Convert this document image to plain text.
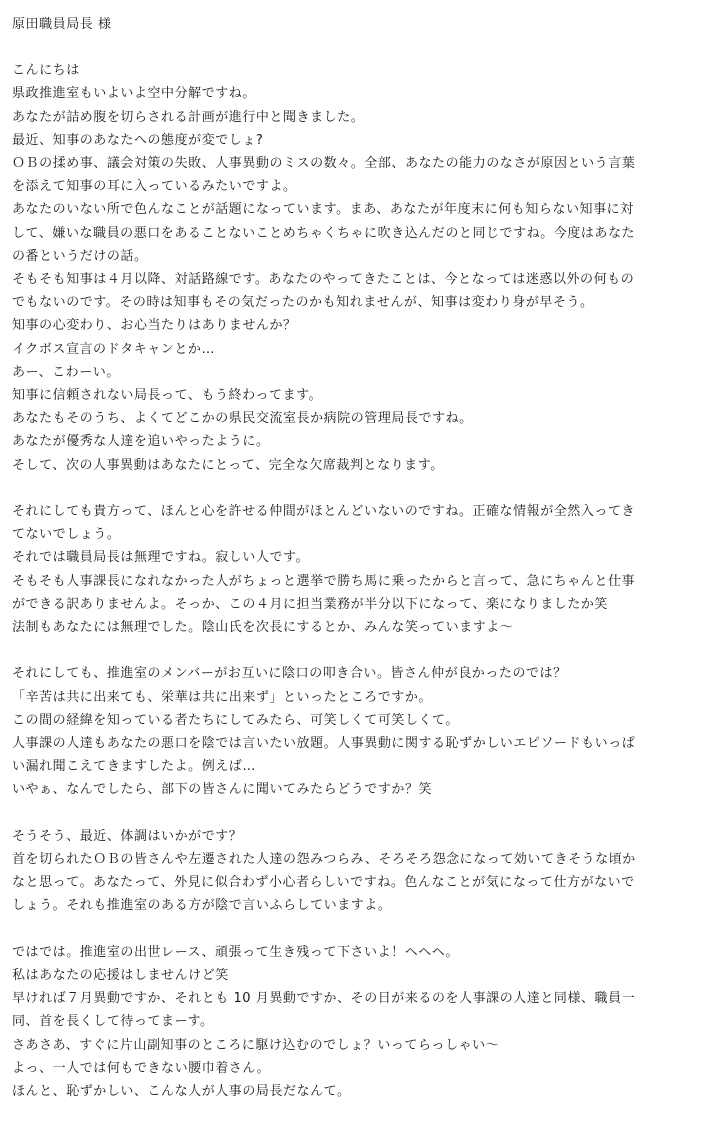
原田職員局長 様
こんにちは
県政推進室もいよいよ空中分解ですね。
あなたが詰め腹を切らされる計画が進行中と聞きました。
最近、知事のあなたへの態度が変でしょ?
ＯＢの揉め事、議会対策の失敗、人事異動のミスの数々。全部、あなたの能力のなさが原因という言葉
を添えて知事の耳に入っているみたいですよ。
あなたのいない所で色んなことが話題になっています。まあ、あなたが年度末に何も知らない知事に対
して、嫌いな職員の悪口をあることないことめちゃくちゃに吹き込んだのと同じですね。今度はあなた
の番というだけの話。
そもそも知事は４月以降、対話路線です。あなたのやってきたことは、今となっては迷惑以外の何もの
でもないのです。その時は知事もその気だったのかも知れませんが、知事は変わり身が早そう。
知事の心変わり、お心当たりはありませんか？
イクボス宣言のドタキャンとか…
あー、こわーい。
知事に信頼されない局長って、もう終わってます。
あなたもそのうち、よくてどこかの県民交流室長か病院の管理局長ですね。
あなたが優秀な人達を追いやったように。
そして、次の人事異動はあなたにとって、完全な欠席裁判となります。
それにしても貴方って、ほんと心を許せる仲間がほとんどいないのですね。正確な情報が全然入ってき
てないでしょう。
それでは職員局長は無理ですね。寂しい人です。
そもそも人事課長になれなかった人がちょっと選挙で勝ち馬に乗ったからと言って、急にちゃんと仕事
ができる訳ありませんよ。そっか、この４月に担当業務が半分以下になって、楽になりましたか笑
法制もあなたには無理でした。陰山氏を次長にするとか、みんな笑っていますよ～
それにしても、推進室のメンバーがお互いに陰口の叩き合い。皆さん仲が良かったのでは？
「辛苦は共に出来ても、栄華は共に出来ず」といったところですか。
この間の経緯を知っている者たちにしてみたら、可笑しくて可笑しくて。
人事課の人達もあなたの悪口を陰では言いたい放題。人事異動に関する恥ずかしいエピソードもいっぱ
い漏れ聞こえてきますしたよ。例えば…
いやぁ、なんでしたら、部下の皆さんに聞いてみたらどうですか？笑
そうそう、最近、体調はいかがです？
首を切られたＯＢの皆さんや左遷された人達の怨みつらみ、そろそろ怨念になって効いてきそうな頃か
なと思って。あなたって、外見に似合わず小心者らしいですね。色んなことが気になって仕方がないで
しょう。それも推進室のある方が陰で言いふらしていますよ。
ではでは。推進室の出世レース、頑張って生き残って下さいよ！ヘヘヘ。
私はあなたの応援はしませんけど笑
早ければ７月異動ですか、それとも 10 月異動ですか、その日が来るのを人事課の人達と同様、職員一
同、首を長くして待ってまーす。
さあさあ、すぐに片山副知事のところに駆け込むのでしょ？いってらっしゃい～
よっ、一人では何もできない腰巾着さん。
ほんと、恥ずかしい、こんな人が人事の局長だなんて。
